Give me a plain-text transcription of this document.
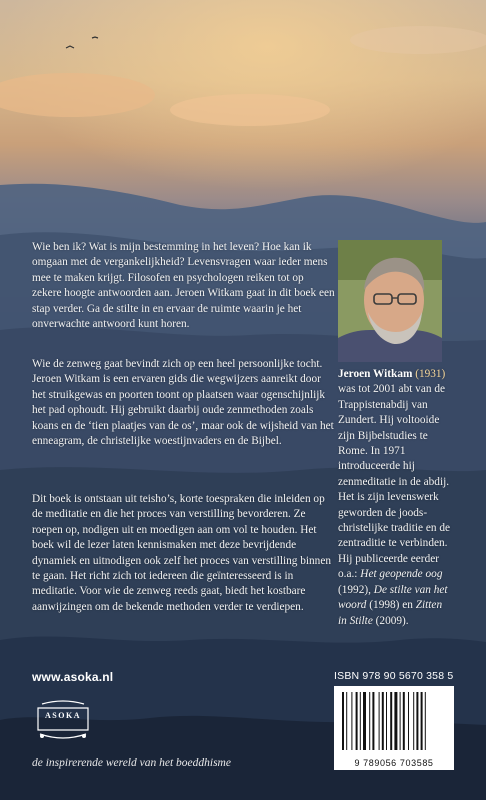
Wie ben ik? Wat is mijn bestemming in het leven? Hoe kan ik omgaan met de vergankelijkheid? Levensvragen waar ieder mens mee te maken krijgt. Filosofen en psychologen reiken tot op zekere hoogte antwoorden aan. Jeroen Witkam gaat in dit boek een stap verder. Ga de stilte in en ervaar de ruimte waarin je het onverwachte antwoord kunt horen.

Wie de zenweg gaat bevindt zich op een heel persoonlijke tocht. Jeroen Witkam is een ervaren gids die wegwijzers aanreikt door het struikgewas en poorten toont op plaatsen waar ogenschijnlijk het pad ophoudt. Hij gebruikt daarbij oude zenmethoden zoals koans en de ‘tien plaatjes van de os’, maar ook de wijsheid van het enneagram, de christelijke woestijnvaders en de Bijbel.

Dit boek is ontstaan uit teisho’s, korte toespraken die inleiden op de meditatie en die het proces van verstilling bevorderen. Ze roepen op, nodigen uit en moedigen aan om vol te houden. Het boek wil de lezer laten kennismaken met deze bevrijdende dynamiek en uitnodigen ook zelf het proces van verstilling binnen te gaan. Het richt zich tot iedereen die geïnteresseerd is in meditatie. Voor wie de zenweg reeds gaat, biedt het kostbare aanwijzingen om de bekende methoden verder te verdiepen.

Jeroen Witkam (1931) was tot 2001 abt van de Trappistenabdij van Zundert. Hij voltooide zijn Bijbelstudies te Rome. In 1971 introduceerde hij zenmeditatie in de abdij. Het is zijn levenswerk geworden de joods-christelijke traditie en de zentraditie te verbinden. Hij publiceerde eerder o.a.: Het geopende oog (1992), De stilte van het woord (1998) en Zitten in Stilte (2009).

www.asoka.nl	ISBN 978 90 5670 358 5
ASOKA
de inspirerende wereld van het boeddhisme	9 789056 703585
